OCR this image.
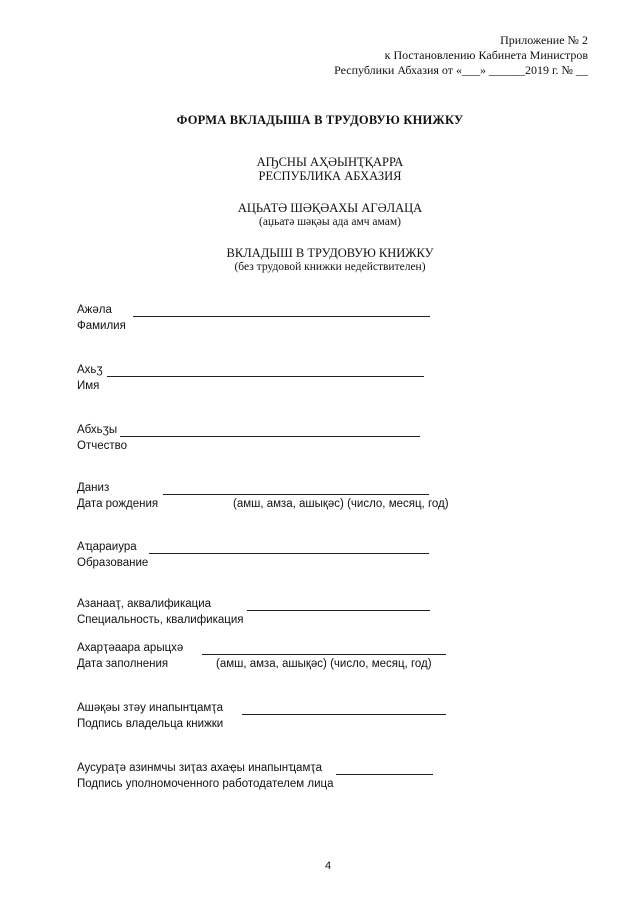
Приложение № 2
к Постановлению Кабинета Министров
Республики Абхазия от «___» ______2019 г. № __
ФОРМА ВКЛАДЫША В ТРУДОВУЮ КНИЖКУ
АҦСНЫ АҲӘЫНҬҚАРРА
РЕСПУБЛИКА АБХАЗИЯ
АЦЬАТӘ ШӘҚӘАХЫ АГӘЛАЦА
(аџьатә шәқәы ада амч амам)
ВКЛАДЫШ В ТРУДОВУЮ КНИЖКУ
(без трудовой книжки недействителен)
Ажәла
Фамилия
Ахьӡ
Имя
Абхьӡы
Отчество
Даниз
Дата рождения	(амш, амза, ашықәс) (число, месяц, год)
Аҵараиура
Образование
Азанааҭ, аквалификациа
Специальность, квалификация
Ахарҭәаара арыцхә
Дата заполнения	(амш, амза, ашықәс) (число, месяц, год)
Ашәқәы зтәу инапынҵамҭа
Подпись владельца книжки
Аусураҭә азинмчы зиҭаз ахаҿы инапынҵамҭа
Подпись уполномоченного работодателем лица
4
